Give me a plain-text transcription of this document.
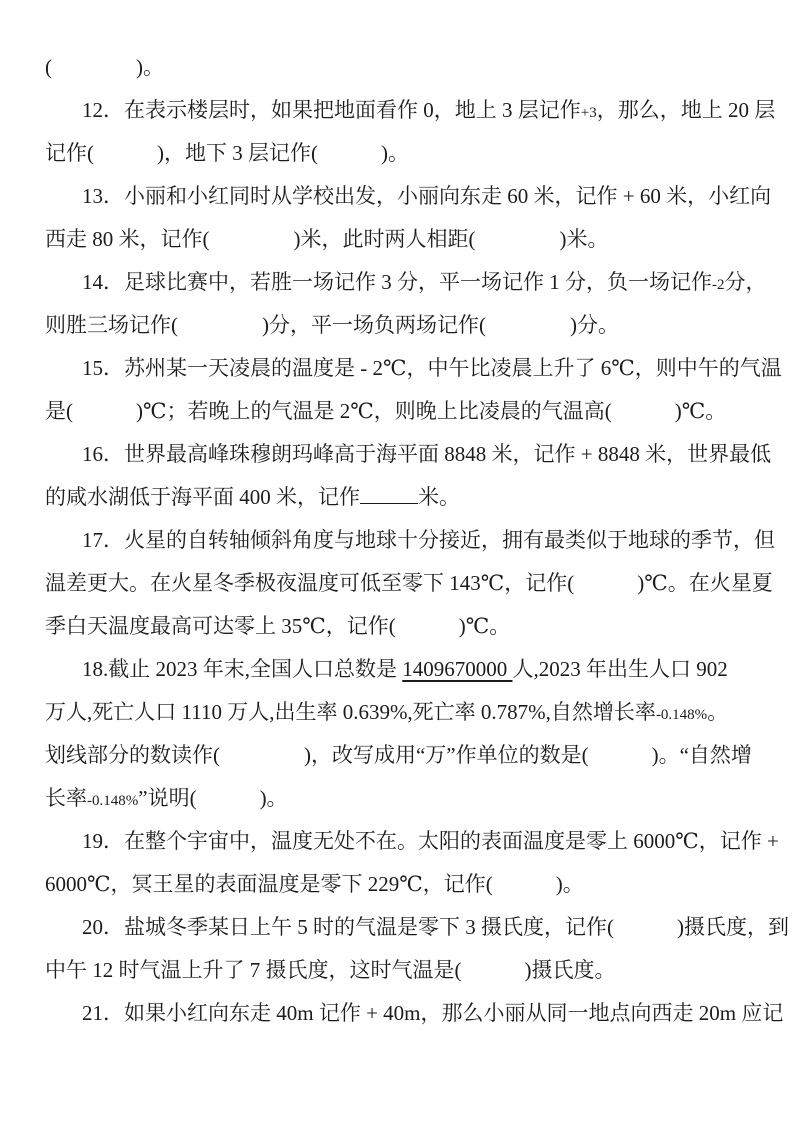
(　　　　)。
12．在表示楼层时，如果把地面看作 0，地上 3 层记作+3，那么，地上 20 层
记作(　　　)，地下 3 层记作(　　　)。
13．小丽和小红同时从学校出发，小丽向东走 60 米，记作 + 60 米，小红向
西走 80 米，记作(　　　　)米，此时两人相距(　　　　)米。
14．足球比赛中，若胜一场记作 3 分，平一场记作 1 分，负一场记作-2分，
则胜三场记作(　　　　)分，平一场负两场记作(　　　　)分。
15．苏州某一天凌晨的温度是 - 2℃，中午比凌晨上升了 6℃，则中午的气温
是(　　　)℃；若晚上的气温是 2℃，则晚上比凌晨的气温高(　　　)℃。
16．世界最高峰珠穆朗玛峰高于海平面 8848 米，记作 + 8848 米，世界最低
的咸水湖低于海平面 400 米，记作	米。
17．火星的自转轴倾斜角度与地球十分接近，拥有最类似于地球的季节，但
温差更大。在火星冬季极夜温度可低至零下 143℃，记作(　　　)℃。在火星夏
季白天温度最高可达零上 35℃，记作(　　　)℃。
18.截止 2023 年末,全国人口总数是 1409670000 人,2023 年出生人口 902
万人,死亡人口 1110 万人,出生率 0.639%,死亡率 0.787%,自然增长率-0.148%。
划线部分的数读作(　　　　)，改写成用“万”作单位的数是(　　　)。“自然增
长率-0.148%”说明(　　　)。
19．在整个宇宙中，温度无处不在。太阳的表面温度是零上 6000℃，记作 +
6000℃，冥王星的表面温度是零下 229℃，记作(　　　)。
20．盐城冬季某日上午 5 时的气温是零下 3 摄氏度，记作(　　　)摄氏度，到
中午 12 时气温上升了 7 摄氏度，这时气温是(　　　)摄氏度。
21．如果小红向东走 40m 记作 + 40m，那么小丽从同一地点向西走 20m 应记
